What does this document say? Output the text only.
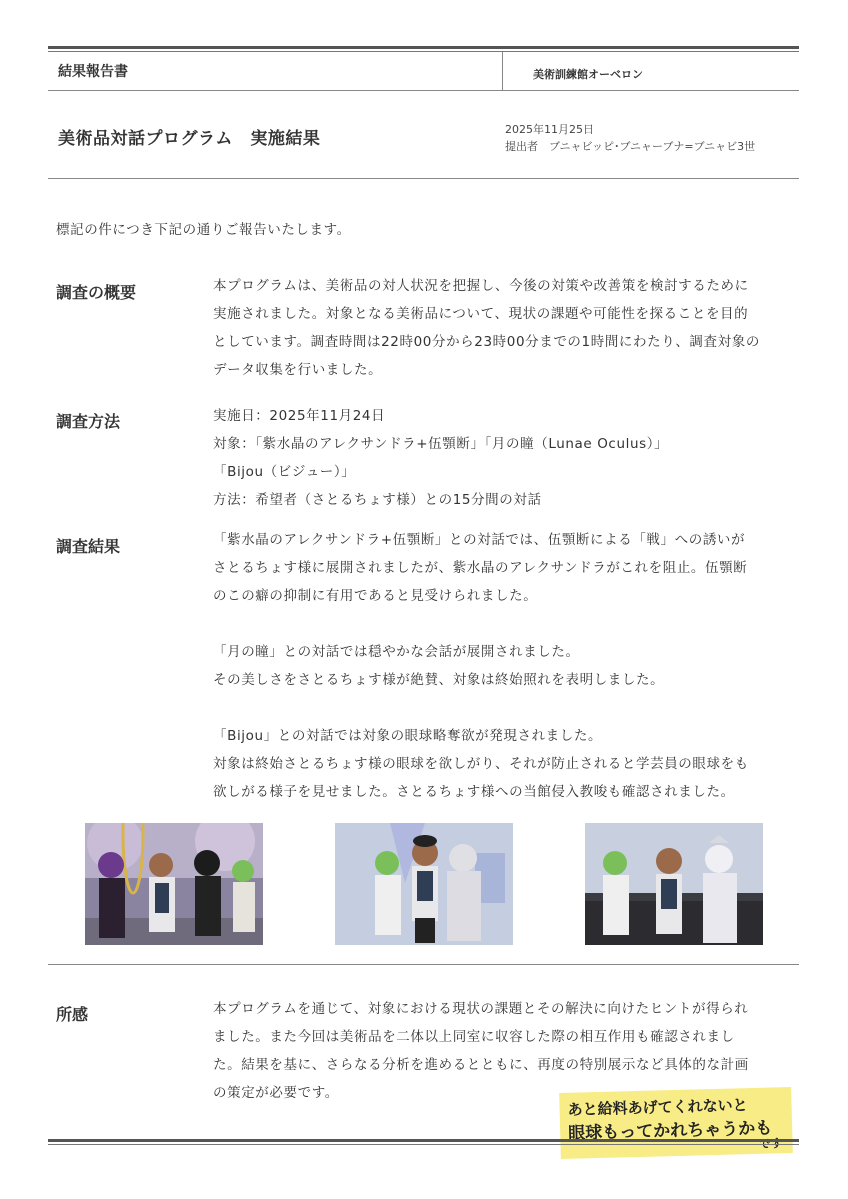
結果報告書	美術訓練館オーベロン
美術品対話プログラム　実施結果	2025年11月25日
提出者　ブニャビッピ･ブニャーブナ=ブニャビ3世
標記の件につき下記の通りご報告いたします。
調査の概要	本プログラムは、美術品の対人状況を把握し、今後の対策や改善策を検討するために

実施されました。対象となる美術品について、現状の課題や可能性を探ることを目的

としています。調査時間は22時00分から23時00分までの1時間にわたり、調査対象の

データ収集を行いました。

調査方法	実施日：2025年11月24日

対象：「紫水晶のアレクサンドラ+伍顎断」「月の瞳（Lunae Oculus）」

「Bijou（ビジュー）」

方法：希望者（さとるちょす様）との15分間の対話

調査結果	「紫水晶のアレクサンドラ+伍顎断」との対話では、伍顎断による「戦」への誘いが

さとるちょす様に展開されましたが、紫水晶のアレクサンドラがこれを阻止。伍顎断

のこの癖の抑制に有用であると見受けられました。

「月の瞳」との対話では穏やかな会話が展開されました。

その美しさをさとるちょす様が絶賛、対象は終始照れを表明しました。

「Bijou」との対話では対象の眼球略奪欲が発現されました。

対象は終始さとるちょす様の眼球を欲しがり、それが防止されると学芸員の眼球をも

欲しがる様子を見せました。さとるちょす様への当館侵入教唆も確認されました。

所感	本プログラムを通じて、対象における現状の課題とその解決に向けたヒントが得られ

ました。また今回は美術品を二体以上同室に収容した際の相互作用も確認されまし

た。結果を基に、さらなる分析を進めるとともに、再度の特別展示など具体的な計画

の策定が必要です。

あと給料あげてくれないと
眼球もってかれちゃうかも
です
